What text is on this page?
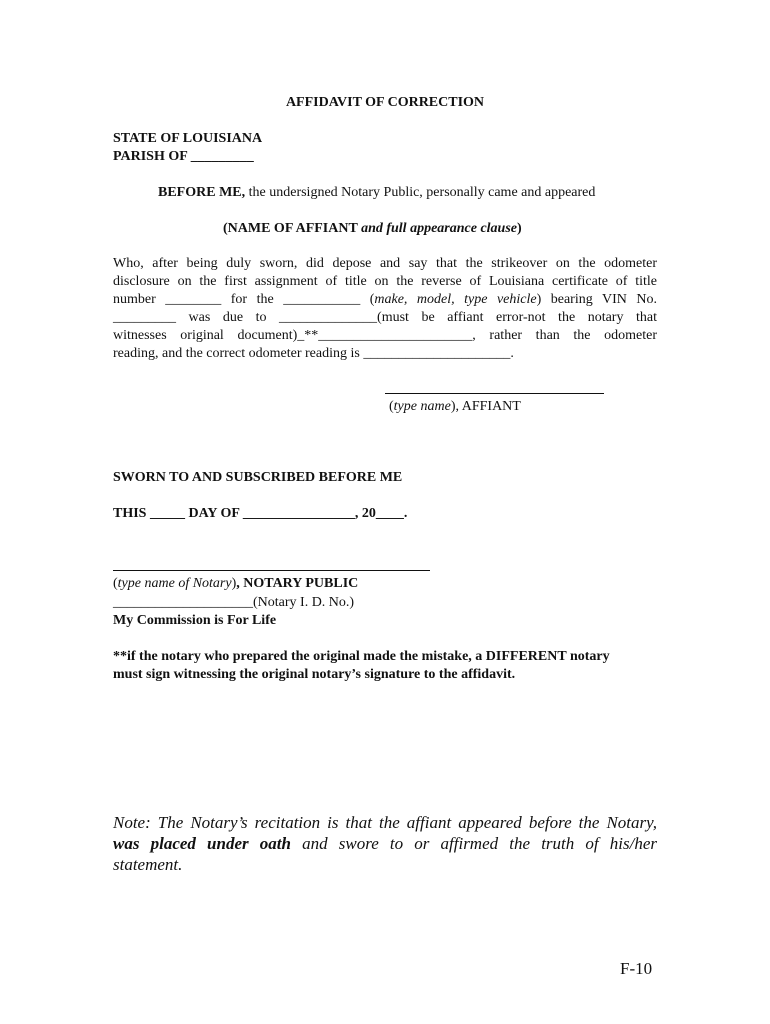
AFFIDAVIT OF CORRECTION
STATE OF LOUISIANA
PARISH OF _________
BEFORE ME, the undersigned Notary Public, personally came and appeared
(NAME OF AFFIANT and full appearance clause)
Who, after being duly sworn, did depose and say that the strikeover on the odometer
disclosure on the first assignment of title on the reverse of Louisiana certificate of title
number ________ for the ___________ (make, model, type vehicle) bearing VIN No.
_________ was due to ______________(must be affiant error-not the notary that
witnesses original document)_**______________________, rather than the odometer
reading, and the correct odometer reading is _____________________.
(type name), AFFIANT
SWORN TO AND SUBSCRIBED BEFORE ME
THIS _____ DAY OF ________________, 20____.
(type name of Notary), NOTARY PUBLIC
____________________(Notary I. D. No.)
My Commission is For Life
**if the notary who prepared the original made the mistake, a DIFFERENT notary
must sign witnessing the original notary’s signature to the affidavit.
Note: The Notary’s recitation is that the affiant appeared before the Notary,
was placed under oath and swore to or affirmed the truth of his/her
statement.
F-10
